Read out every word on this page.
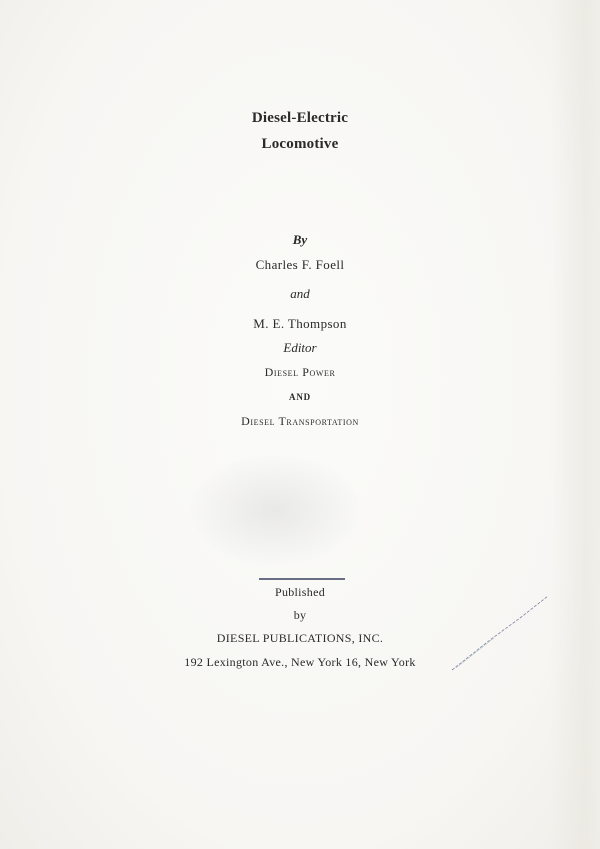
Diesel-Electric
Locomotive
By
Charles F. Foell
and
M. E. Thompson
Editor
Diesel Power
AND
Diesel Transportation
Published
by
DIESEL PUBLICATIONS, INC.
192 Lexington Ave., New York 16, New York
